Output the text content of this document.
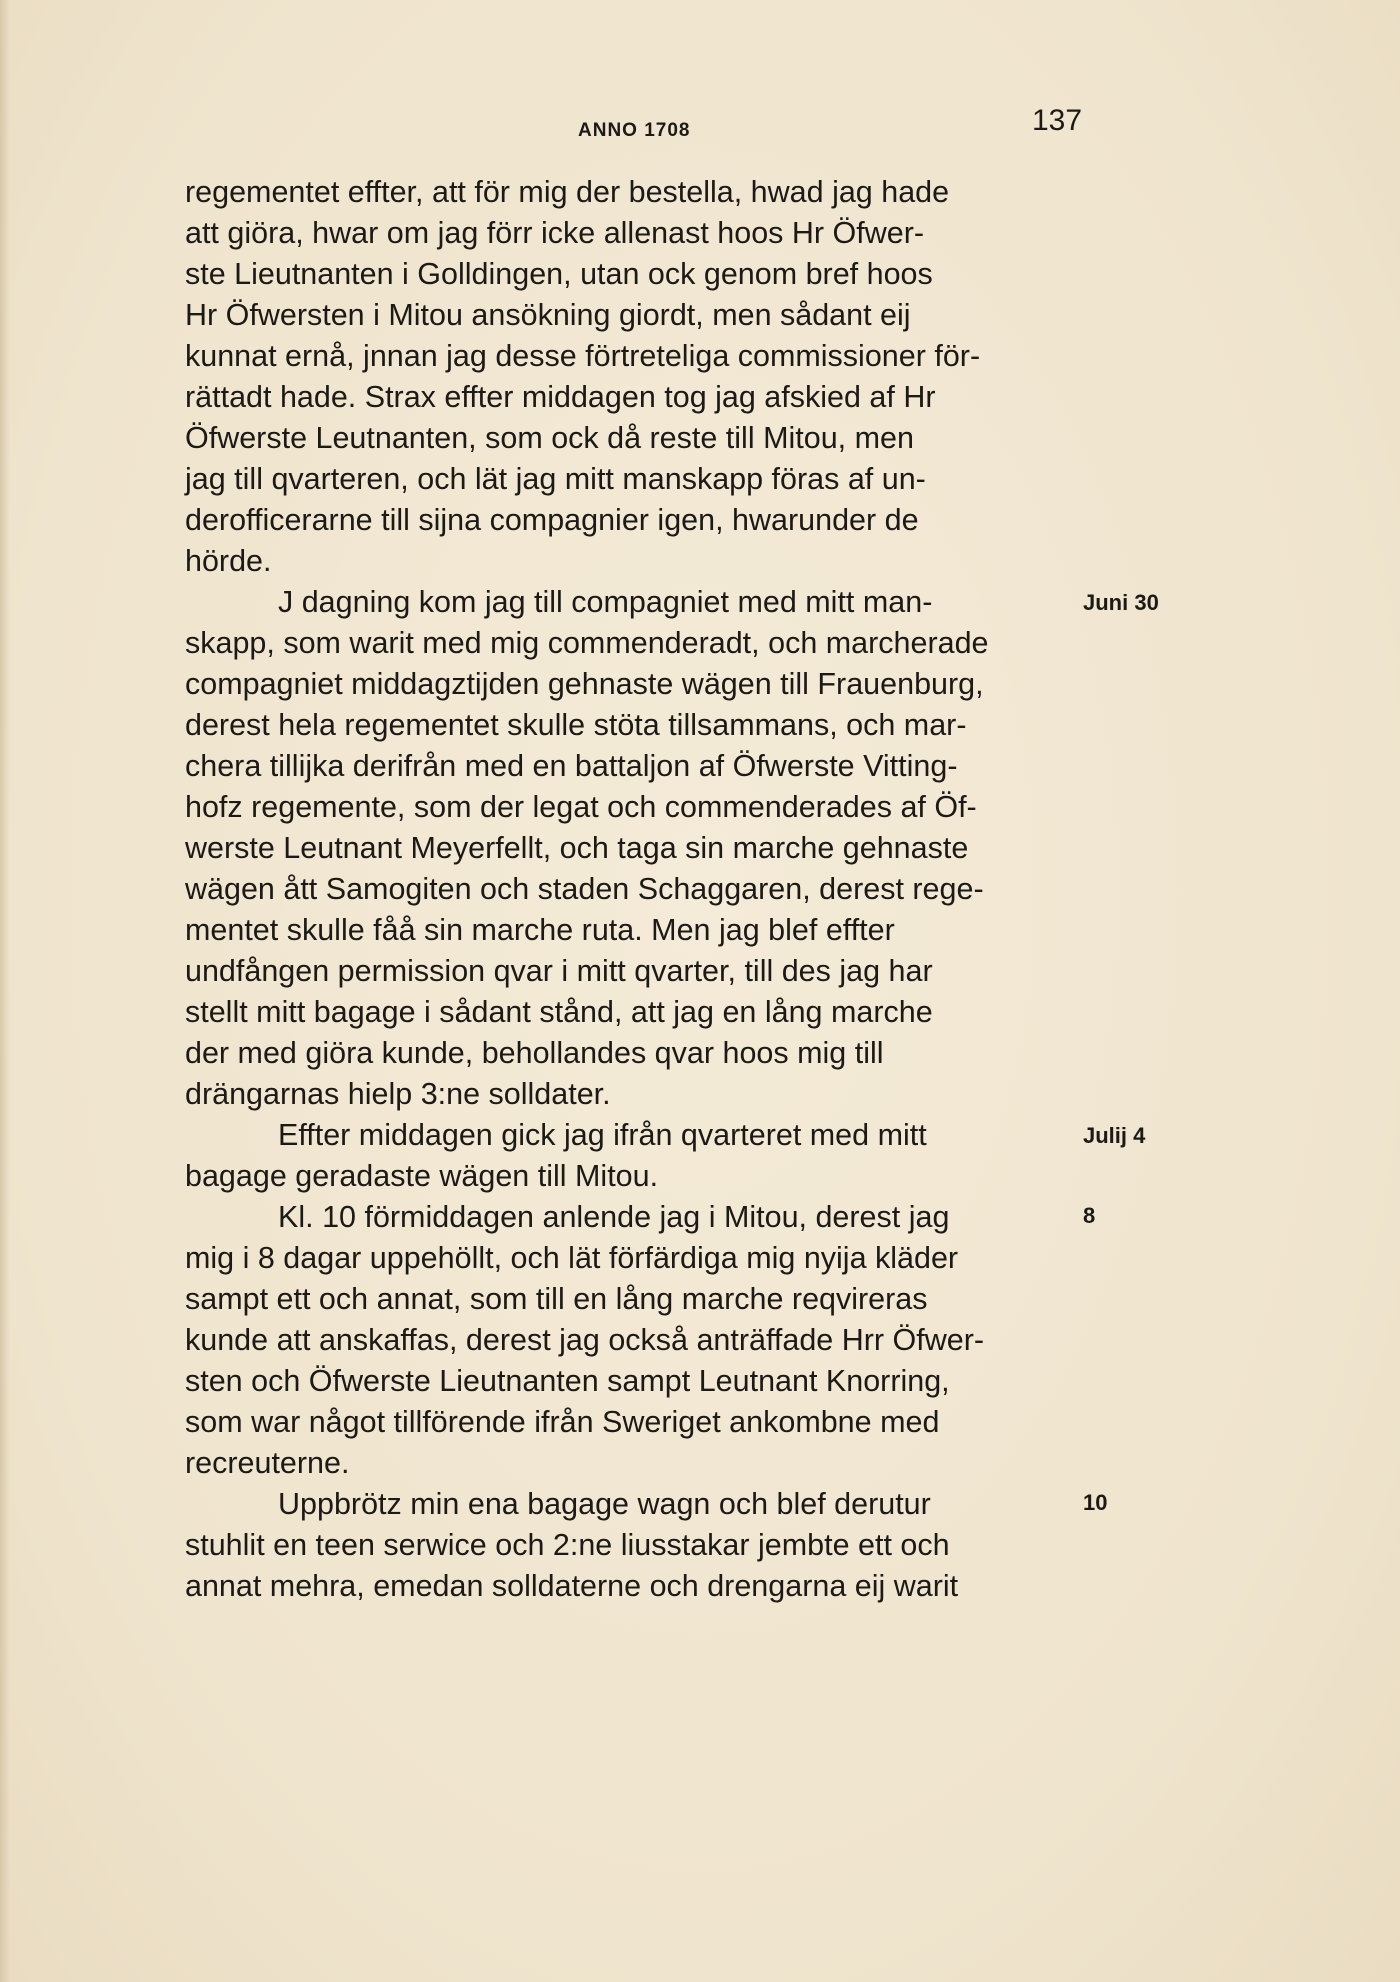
ANNO 1708	137
regementet effter, att för mig der bestella, hwad jag hade
att giöra, hwar om jag förr icke allenast hoos Hr Öfwer-
ste Lieutnanten i Golldingen, utan ock genom bref hoos
Hr Öfwersten i Mitou ansökning giordt, men sådant eij
kunnat ernå, jnnan jag desse förtreteliga commissioner för-
rättadt hade. Strax effter middagen tog jag afskied af Hr
Öfwerste Leutnanten, som ock då reste till Mitou, men
jag till qvarteren, och lät jag mitt manskapp föras af un-
derofficerarne till sijna compagnier igen, hwarunder de
hörde.
J dagning kom jag till compagniet med mitt man-	Juni 30
skapp, som warit med mig commenderadt, och marcherade
compagniet middagztijden gehnaste wägen till Frauenburg,
derest hela regementet skulle stöta tillsammans, och mar-
chera tillijka derifrån med en battaljon af Öfwerste Vitting-
hofz regemente, som der legat och commenderades af Öf-
werste Leutnant Meyerfellt, och taga sin marche gehnaste
wägen ått Samogiten och staden Schaggaren, derest rege-
mentet skulle fåå sin marche ruta. Men jag blef effter
undfången permission qvar i mitt qvarter, till des jag har
stellt mitt bagage i sådant stånd, att jag en lång marche
der med giöra kunde, behollandes qvar hoos mig till
drängarnas hielp 3:ne solldater.
Effter middagen gick jag ifrån qvarteret med mitt	Julij 4
bagage geradaste wägen till Mitou.
Kl. 10 förmiddagen anlende jag i Mitou, derest jag	8
mig i 8 dagar uppehöllt, och lät förfärdiga mig nyija kläder
sampt ett och annat, som till en lång marche reqvireras
kunde att anskaffas, derest jag också anträffade Hrr Öfwer-
sten och Öfwerste Lieutnanten sampt Leutnant Knorring,
som war något tillförende ifrån Sweriget ankombne med
recreuterne.
Uppbrötz min ena bagage wagn och blef derutur	10
stuhlit en teen serwice och 2:ne liusstakar jembte ett och
annat mehra, emedan solldaterne och drengarna eij warit
